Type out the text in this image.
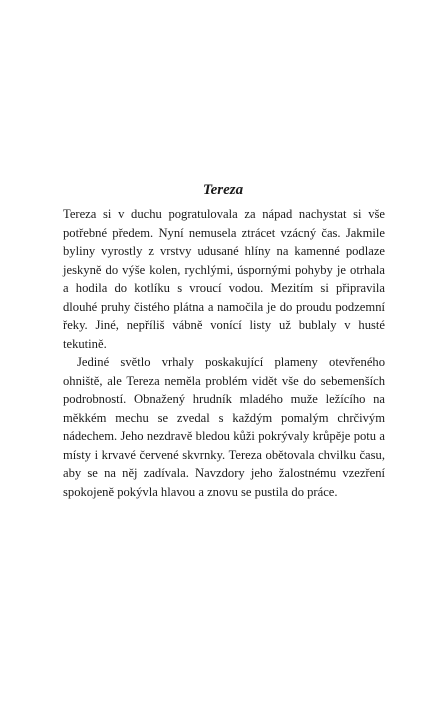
Tereza

Tereza si v duchu pogratulovala za nápad nachystat si vše potřebné předem. Nyní nemusela ztrácet vzácný čas. Jakmile byliny vyrostly z vrstvy udusané hlíny na kamenné podlaze jeskyně do výše kolen, rychlými, úspornými pohyby je otrhala a hodila do kotlíku s vroucí vodou. Mezitím si připravila dlouhé pruhy čistého plátna a namočila je do proudu podzemní řeky. Jiné, nepříliš vábně vonící listy už bublaly v husté tekutině.

Jediné světlo vrhaly poskakující plameny otevřeného ohniště, ale Tereza neměla problém vidět vše do sebemenších podrobností. Obnažený hrudník mladého muže ležícího na měkkém mechu se zvedal s každým pomalým chrčivým nádechem. Jeho nezdravě bledou kůži pokrývaly krůpěje potu a místy i krvavé červené skvrnky. Tereza obětovala chvilku času, aby se na něj zadívala. Navzdory jeho žalostnému vzezření spokojeně pokývla hlavou a znovu se pustila do práce.
